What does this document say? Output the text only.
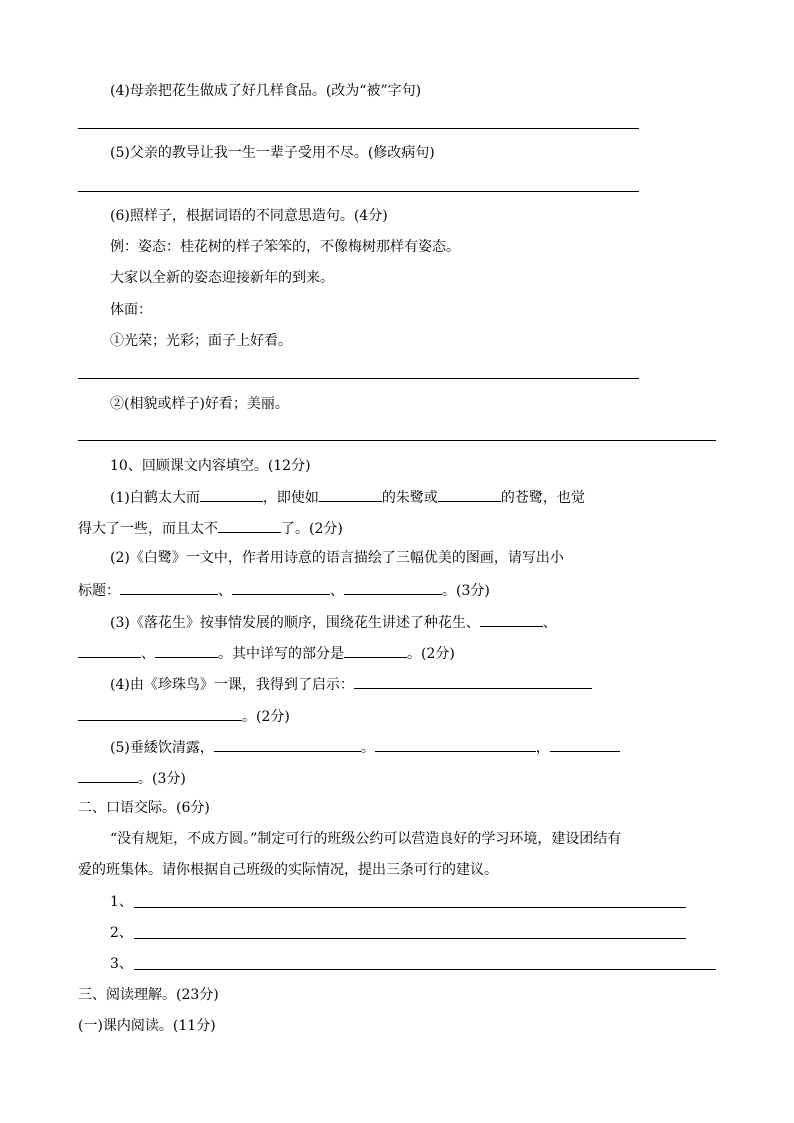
(4)母亲把花生做成了好几样食品。(改为“被”字句)
(5)父亲的教导让我一生一辈子受用不尽。(修改病句)
(6)照样子，根据词语的不同意思造句。(4分)
例：姿态：桂花树的样子笨笨的，不像梅树那样有姿态。
大家以全新的姿态迎接新年的到来。
体面：
①光荣；光彩；面子上好看。
②(相貌或样子)好看；美丽。
10、回顾课文内容填空。(12分)
(1)白鹤太大而	，即使如	的朱鹭或	的苍鹭，也觉
得大了一些，而且太不	了。(2分)
(2)《白鹭》一文中，作者用诗意的语言描绘了三幅优美的图画，请写出小
标题：	、	、	。(3分)
(3)《落花生》按事情发展的顺序，围绕花生讲述了种花生、	、
、	。其中详写的部分是	。(2分)
(4)由《珍珠鸟》一课，我得到了启示：
。(2分)
(5)垂緌饮清露，	。	，
。(3分)
二、口语交际。(6分)
“没有规矩，不成方圆。”制定可行的班级公约可以营造良好的学习环境，建设团结有
爱的班集体。请你根据自己班级的实际情况，提出三条可行的建议。
1、
2、
3、
三、阅读理解。(23分)
(一)课内阅读。(11分)
